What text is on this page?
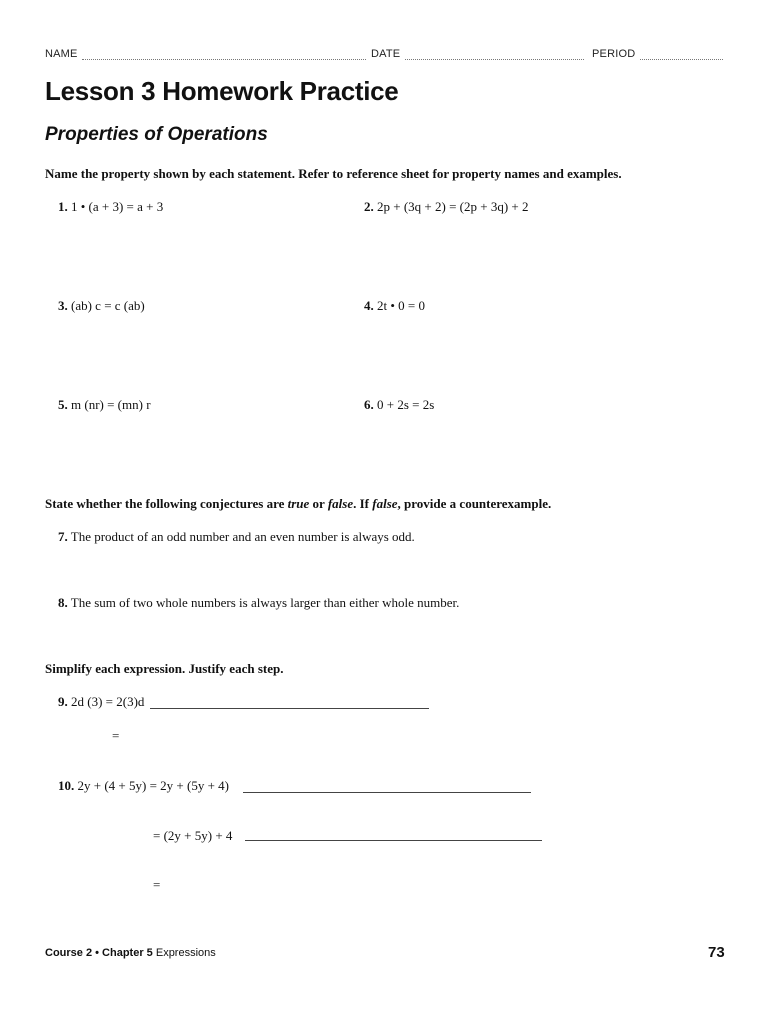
NAME	DATE	PERIOD
Lesson 3 Homework Practice
Properties of Operations
Name the property shown by each statement. Refer to reference sheet for property names and examples.
1. 1 • (a + 3) = a + 3	2. 2p + (3q + 2) = (2p + 3q) + 2
3. (ab) c = c (ab)	4. 2t • 0 = 0
5. m (nr) = (mn) r	6. 0 + 2s = 2s
State whether the following conjectures are true or false. If false, provide a counterexample.
7. The product of an odd number and an even number is always odd.
8. The sum of two whole numbers is always larger than either whole number.
Simplify each expression. Justify each step.
9. 2d (3) = 2(3)d
=
10. 2y + (4 + 5y) = 2y + (5y + 4)
= (2y + 5y) + 4
=
Course 2 • Chapter 5 Expressions	73
